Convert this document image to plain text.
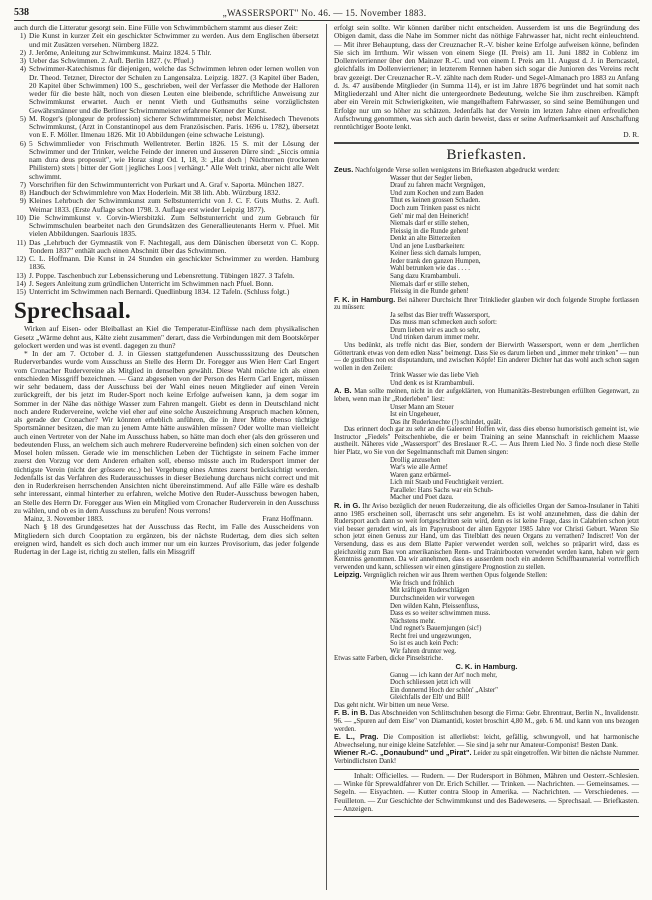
538	„WASSERSPORT" No. 46. — 15. November 1883.

auch durch die Litteratur gesorgt sein. Eine Fülle von Schwimmbüchern stammt aus dieser Zeit:

1) Die Kunst in kurzer Zeit ein geschickter Schwimmer zu werden. Aus dem Englischen übersetzt und mit Zusätzen versehen. Nürnberg 1822.
2) J. Jerôme, Anleitung zur Schwimmkunst. Mainz 1824. 5 Thlr.
3) Ueber das Schwimmen. 2. Aufl. Berlin 1827. (v. Pfuel.)
4) Schwimmer-Katechismus für diejenigen, welche das Schwimmen lehren oder lernen wollen von Dr. Theod. Tetzner, Director der Schulen zu Langensalza. Leipzig. 1827. (3 Kapitel über Baden, 20 Kapitel über Schwimmen) 100 S., geschrieben, weil der Verfasser die Methode der Halloren weder für die beste hält, noch von diesen Leuten eine bleibende, schriftliche Anweisung zur Schwimmkunst erwartet. Auch er nennt Vieth und Guthsmuths seine vorzüglichsten Gewährsmänner und die Berliner Schwimmmeister erfahrene Kenner der Kunst.
5) M. Roger's (plongeur de profession) sicherer Schwimmmeister, nebst Melchisedech Thevenots Schwimmkunst, (Arzt in Constantinopel aus dem Französischen. Paris. 1696 u. 1782), übersetzt von E. F. Möller. Ilmenau 1826. Mit 10 Abbildungen (eine schwache Leistung).
6) 5 Schwimmlieder von Frischmuth Wellentreter. Berlin 1826. 15 S. mit der Lösung der Schwimmer und der Trinker, welche Feinde der inneren und äusseren Dürre sind: „Siccis omnia nam dura deus proposuit", wie Horaz singt Od. I, 18, 3: „Hat doch | Nüchternen (trockenen Philistern) stets | bitter der Gott | jegliches Loos | verhängt." Alle Welt trinkt, aber nicht alle Welt schwimmt.
7) Vorschriften für den Schwimmunterricht von Purkart und A. Graf v. Saporta. München 1827.
8) Handbuch der Schwimmlehre von Max Hoderlein. Mit 38 lith. Abb. Würzburg 1832.
9) Kleines Lehrbuch der Schwimmkunst zum Selbstunterricht von J. C. F. Guts Muths. 2. Aufl. Weimar 1833. (Erste Auflage schon 1798. 3. Auflage erst wieder Leipzig 1877).
10) Die Schwimmkunst v. Corvin-Wiersbitzki. Zum Selbstunterricht und zum Gebrauch für Schwimmschulen bearbeitet nach den Grundsätzen des Generallieutenants Herrn v. Pfuel. Mit vielen Abbildungen. Saarlouis 1835.
11) Das „Lehrbuch der Gymnastik von F. Nachtegall, aus dem Dänischen übersetzt von C. Kopp. Tondern 1837" enthält auch einen Abschnitt über das Schwimmen.
12) C. L. Hoffmann. Die Kunst in 24 Stunden ein geschickter Schwimmer zu werden. Hamburg 1836.
13) J. Poppe. Taschenbuch zur Lebenssicherung und Lebensrettung. Tübingen 1827. 3 Tafeln.
14) J. Segers Anleitung zum gründlichen Unterricht im Schwimmen nach Pfuel. Bonn.
15) Unterricht im Schwimmen nach Bernardi. Quedlinburg 1834. 12 Tafeln. (Schluss folgt.)
Sprechsaal.

Wirken auf Eisen- oder Bleiballast an Kiel die Temperatur-Einflüsse nach dem physikalischen Gesetz „Wärme dehnt aus, Kälte zieht zusammen" derart, dass die Verbindungen mit dem Bootskörper gelockert werden und was ist eventl. dagegen zu thun?

* In der am 7. October d. J. in Giessen stattgefundenen Ausschusssitzung des Deutschen Ruderverbandes wurde vom Ausschuss an Stelle des Herrn Dr. Foregger aus Wien Herr Carl Engert vom Cronacher Rudervereine als Mitglied in denselben gewählt. Diese Wahl möchte ich als einen entschieden Missgriff bezeichnen. — Ganz abgesehen von der Person des Herrn Carl Engert, müssen wir sehr bedauern, dass der Ausschuss bei der Wahl eines neuen Mitglieder auf einen Verein zurückgreift, der bis jetzt im Ruder-Sport noch keine Erfolge aufweisen kann, ja dem sogar im Sommer in der Nähe das nöthige Wasser zum Fahren mangelt. Giebt es denn in Deutschland nicht noch andere Rudervereine, welche viel eher auf eine solche Auszeichnung Anspruch machen können, als gerade der Cronacher? Wir könnten erheblich anführen, die in ihrer Mitte ebenso tüchtige Sportsmänner besitzen, die man zu jenem Amte hätte auswählen müssen? Oder wollte man vielleicht auch einen Vertreter von der Nahe im Ausschuss haben, so hätte man doch eher (als den grösseren und bedeutenden Fluss, an welchem sich auch mehrere Rudervereine befinden) sich einen solchen von der Mosel holen müssen. Gerade wie im menschlichen Leben der Tüchtigste in seinem Fache immer zuerst den Vorzug vor dem Anderen erhalten soll, ebenso müsste auch im Rudersport immer der tüchtigste Verein (nicht der grössere etc.) bei Vergebung eines Amtes zuerst berücksichtigt werden. Jedenfalls ist das Verfahren des Ruderausschusses in dieser Beziehung durchaus nicht correct und mit den in Ruderkreisen herrschenden Ansichten nicht übereinstimmend. Auf alle Fälle wäre es deshalb sehr interessant, einmal hinterher zu erfahren, welche Motive den Ruder-Ausschuss bewogen haben, an Stelle des Herrn Dr. Foregger aus Wien ein Mitglied vom Cronacher Ruderverein in den Ausschuss zu wählen, und ob es in dem Ausschuss zu berufen! Nous verrons!

Mainz, 3. November 1883.	Franz Hoffmann.

Nach § 18 des Grundgesetzes hat der Ausschuss das Recht, im Falle des Ausscheidens von Mitgliedern sich durch Cooptation zu ergänzen, bis der nächste Rudertag, dem dies sich selten ereignen wird, handelt es sich doch auch immer nur um ein kurzes Provisorium, das jeder folgende Rudertag in der Lage ist, richtig zu stellen, falls ein Missgriff

erfolgt sein sollte. Wir können darüber nicht entscheiden. Ausserdem ist uns die Begründung des Obigen damit, dass die Nahe im Sommer nicht das nöthige Fahrwasser hat, nicht recht einleuchtend. — Mit ihrer Behauptung, dass der Creuznacher R.-V. bisher keine Erfolge aufweisen könne, befinden Sie sich im Irrthum. Wir wissen von einem Siege (II. Preis) am 11. Juni 1882 in Coblenz im Dollenvierrienner über den Mainzer R.-C. und von einem I. Preis am 11. August d. J. in Berncastel, gleichfalls im Dollenvierriener; in letzterem Rennen haben sich sogar die Junioren des Vereins recht brav gezeigt. Der Creuznacher R.-V. zählte nach dem Ruder- und Segel-Almanach pro 1883 zu Anfang d. Js. 47 ausübende Mitglieder (in Summa 114), er ist im Jahre 1876 begründet und hat somit nach Mitgliederzahl und Alter nicht die untergeordnete Bedeutung, welche Sie ihm zuschreiben. Kämpft aber ein Verein mit Schwierigkeiten, wie mangelhaftem Fahrwasser, so sind seine Bemühungen und Erfolge nur um so höher zu schätzen. Jedenfalls hat der Verein im letzten Jahre einen erfreulichen Aufschwung genommen, was sich auch darin beweist, dass er seine Aufmerksamkeit auf Anschaffung renntüchtiger Boote lenkt.

D. R.
Briefkasten.

Zeus. Nachfolgende Verse sollen wenigstens im Briefkasten abgedruckt werden:

Wasser thut der Segler lieben,
Drauf zu fahren macht Vergnügen,
Und zum Kochen und zum Baden
Thut es keinen grossen Schaden.
Doch zum Trinken passt es nicht
Geh' mir mal den Heinerich!
Niemals darf er stille stehen,
Fleissig in die Runde gehen!
Denkt an alte Bitterzeiten
Und an jene Lustbarkeiten:
Keiner liess sich damals lumpen,
Jeder trank den ganzen Humpen,
Wahl betrunken wie das . . . .
Sang dazu Krambambuli.
Niemals darf er stille stehen,
Fleissig in die Runde gehen!

F. K. in Hamburg. Bei näherer Durchsicht Ihrer Trinklieder glauben wir doch folgende Strophe fortlassen zu müssen:

Ja selbst das Bier trefft Wassersport,
Das muss man schmecken auch sofort:
Drum lieben wir es auch so sehr,
Und trinken darum immer mehr.

Uns bedünkt, als treffe nicht das Bier, sondern der Bierwirth Wassersport, wenn er dem „herrlichen Göttertrank etwas von dem edlen Nass" beimengt. Dass Sie es darum lieben und „immer mehr trinken" — nun — de gustibus non est disputandum, und zwischen Köpfe! Ein anderer Dichter hat das wohl auch schon sagen wollen in den Zeilen:

Trink Wasser wie das liebe Vieh
Und denk es ist Krambambuli.

A. B. Man sollte meinen, nicht in der aufgeklärten, von Humanitäts-Bestrebungen erfüllten Gegenwart, zu leben, wenn man ihr „Ruderleben" liest:

Unser Mann am Steuer
Ist ein Ungeheuer,
Das ihr Ruderknechte (!) schindet, quält.

Das erinnert doch gar zu sehr an die Galeeren! Hoffen wir, dass dies ebenso humoristisch gemeint ist, wie Instructor „Fiedels" Peitschenhiebe, die er beim Training an seine Mannschaft in reichlichem Maasse austheilt. Näheres vide „Wassersport" des Breslauer R.-C. — Aus Ihrem Lied No. 3 finde noch diese Stelle hier Platz, wo Sie von der Segelmannschaft mit Damen singen:

Drollig anzusehen
War's wie alle Arme!
Waren ganz erbärmel-
Lich mit Staub und Feuchtigkeit verziert.

Parallele: Hans Sachs war ein Schuh-

Macher und Poet dazu.

R. in G. Ihr Aviso bezüglich der neuen Ruderzeitung, die als officielles Organ der Samoa-Insulaner in Tahiti anno 1985 erscheinen soll, überrascht uns sehr angenehm. Es ist wohl anzunehmen, dass die dahin der Rudersport auch dann so weit fortgeschritten sein wird, denn es ist keine Frage, dass in Calabrien schon jetzt viel besser gerudert wird, als im Papyrusboot der alten Egypter 1985 Jahre vor Christi Geburt. Waren Sie schon jetzt einen Genuss zur Hand, um das Titelblatt des neuen Organs zu verrathen? Indiscret! Von der Versendung, dass es aus dem Blatte Papier verwendet werden soll, welches so präparirt wird, dass es gleichzeitig zum Bau von amerikanischen Renn- und Trainirbooten verwendet werden kann, haben wir gern Kenntniss genommen. Da wir annehmen, dass es ausserdem noch ein anderen Schiffbaumaterial vortrefflich verwenden und kann, schliessen wir einen günstigere Prognostion zu stellen.

Leipzig. Vergnüglich reichen wir aus Ihrem werthen Opus folgende Stellen:

Wie frisch und fröhlich
Mit kräftigen Ruderschlägen
Durchschneiden wir vorwegen
Den wilden Kahn, Pleissenfluss,
Dass es so weiter schwimmen muss.
Nächstens mehr.
Und regnet's Bauernjungen (sic!)
Recht frei und ungezwungen,
So ist es auch kein Pech:
Wir fahren drunter weg.

Etwas satte Farben, dicke Pinselstriche.

C. K. in Hamburg.

Ganug — ich kann der Art' noch mehr,
Doch schliessen jetzt ich will
Ein donnernd Hoch der schön' „Alster"
Gleichfalls der Elb' und Bill!

Das geht nicht. Wir bitten um neue Verse.

F. B. in B. Das Abschneiden von Schlittschuhen besorgt die Firma: Gebr. Ehrentraut, Berlin N., Invalidenstr. 96. — „Spuren auf dem Eise" von Diamantidi, kostet broschirt 4,80 M., geb. 6 M. und kann von uns bezogen werden.

E. L., Prag. Die Composition ist allerliebst: leicht, gefällig, schwungvoll, und hat harmonische Abwechselung, nur einige kleine Satzfehler. — Sie sind ja sehr nur Amateur-Componist! Besten Dank.

Wiener R.-C. „Donaubund" und „Pirat". Leider zu spät eingetroffen. Wir bitten die nächste Nummer. Verbindlichsten Dank!

Inhalt: Officielles. — Rudern. — Der Rudersport in Böhmen, Mähren und Oesterr.-Schlesien. — Winke für Sprewaldfahrer von Dr. Erich Schiller. — Trinken. — Nachrichten. — Gemeinsames. — Segeln. — Eisyachten. — Kutter contra Sloop in Amerika. — Nachrichten. — Verschiedenes. — Feuilleton. — Zur Geschichte der Schwimmkunst und des Badewesens. — Sprechsaal. — Briefkasten. — Anzeigen.
